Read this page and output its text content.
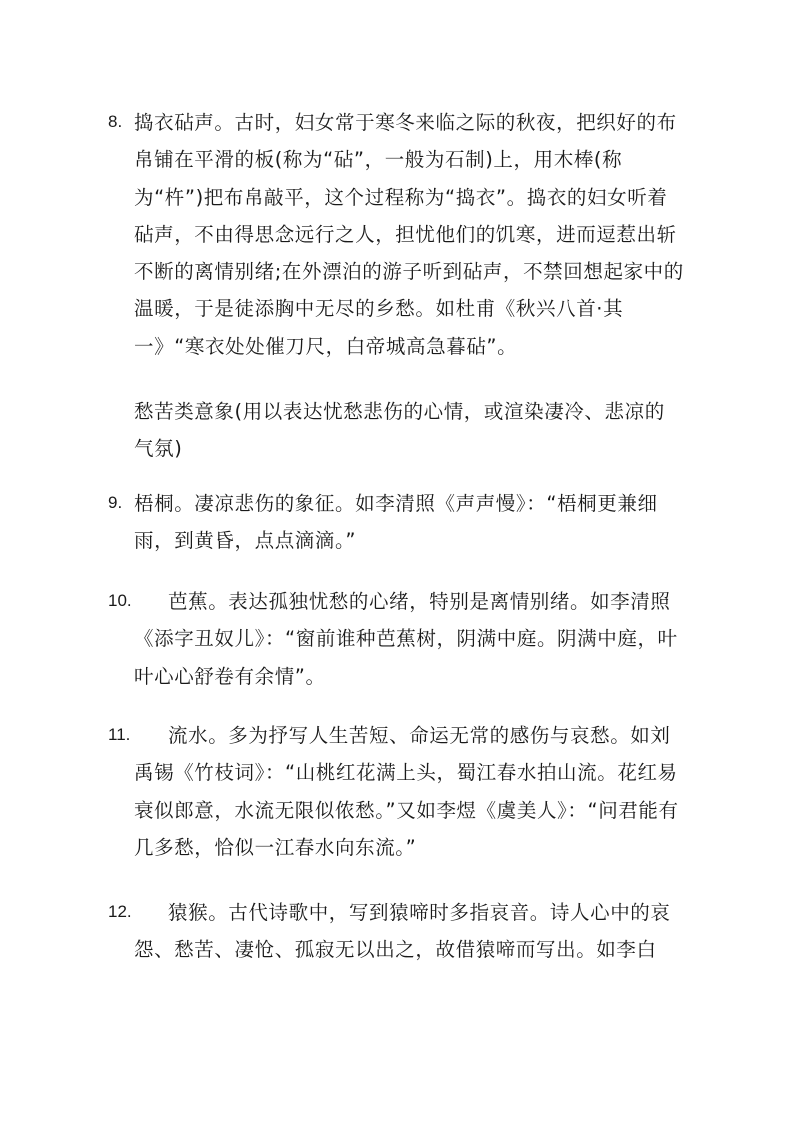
8. 捣衣砧声。古时，妇女常于寒冬来临之际的秋夜，把织好的布帛铺在平滑的板(称为“砧”，一般为石制)上，用木棒(称为“杵”)把布帛敲平，这个过程称为“捣衣”。捣衣的妇女听着砧声，不由得思念远行之人，担忧他们的饥寒，进而逗惹出斩不断的离情别绪;在外漂泊的游子听到砧声，不禁回想起家中的温暖，于是徒添胸中无尽的乡愁。如杜甫《秋兴八首·其一》“寒衣处处催刀尺，白帝城高急暮砧”。
愁苦类意象(用以表达忧愁悲伤的心情，或渲染凄冷、悲凉的气氛)
9. 梧桐。凄凉悲伤的象征。如李清照《声声慢》：“梧桐更兼细雨，到黄昏，点点滴滴。”
10.	芭蕉。表达孤独忧愁的心绪，特别是离情别绪。如李清照《添字丑奴儿》：“窗前谁种芭蕉树，阴满中庭。阴满中庭，叶叶心心舒卷有余情”。
11.	流水。多为抒写人生苦短、命运无常的感伤与哀愁。如刘禹锡《竹枝词》：“山桃红花满上头，蜀江春水拍山流。花红易衰似郎意，水流无限似侬愁。”又如李煜《虞美人》：“问君能有几多愁，恰似一江春水向东流。”
12.	猿猴。古代诗歌中，写到猿啼时多指哀音。诗人心中的哀怨、愁苦、凄怆、孤寂无以出之，故借猿啼而写出。如李白
